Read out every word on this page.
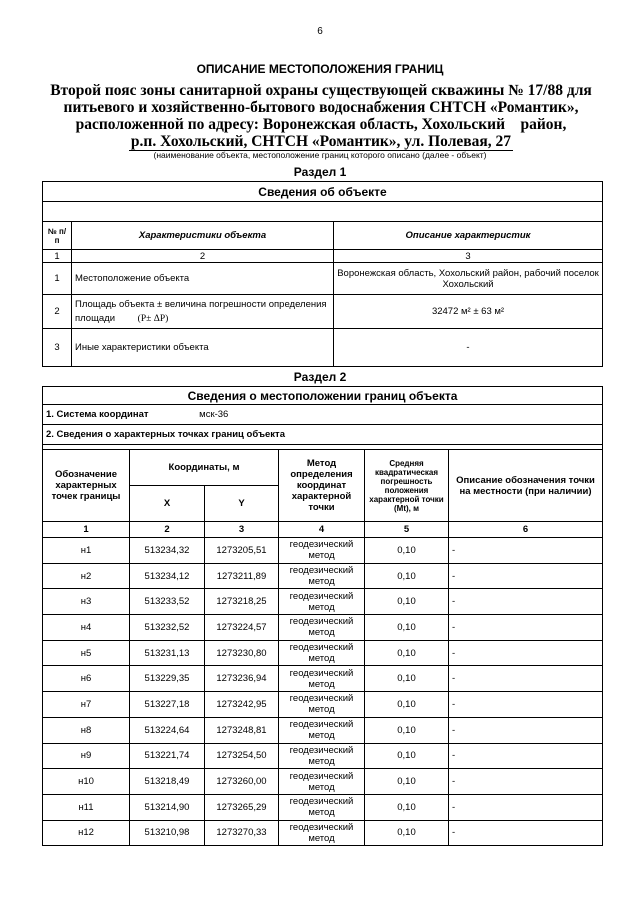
6
ОПИСАНИЕ МЕСТОПОЛОЖЕНИЯ ГРАНИЦ
Второй пояс зоны санитарной охраны существующей скважины № 17/88 для
питьевого и хозяйственно-бытового водоснабжения СНТСН «Романтик»,
расположенной по адресу: Воронежская область, Хохольский    район,
р.п. Хохольский, СНТСН «Романтик», ул. Полевая, 27
(наименование объекта, местоположение границ которого описано (далее - объект)
Раздел 1
Сведения об объекте		

№ п/п	Характеристики объекта	Описание характеристик
1	2	3
1	Местоположение объекта	Воронежская область, Хохольский район, рабочий поселок Хохольский
2	Площадь объекта ± величина погрешности определения площади (P± ΔP)	32472 м² ± 63 м²
3	Иные характеристики объекта	-
Раздел 2
Сведения о местоположении границ объекта					
1. Система координат мск-36					
2. Сведения о характерных точках границ объекта					

Обозначение характерных точек границы	Координаты, м		Метод определения координат характерной точки	Средняя квадратическая погрешность положения характерной точки (Mt), м	Описание обозначения точки на местности (при наличии)
	X	Y			
1	2	3	4	5	6
н1	513234,32	1273205,51	геодезический метод	0,10	-
н2	513234,12	1273211,89	геодезический метод	0,10	-
н3	513233,52	1273218,25	геодезический метод	0,10	-
н4	513232,52	1273224,57	геодезический метод	0,10	-
н5	513231,13	1273230,80	геодезический метод	0,10	-
н6	513229,35	1273236,94	геодезический метод	0,10	-
н7	513227,18	1273242,95	геодезический метод	0,10	-
н8	513224,64	1273248,81	геодезический метод	0,10	-
н9	513221,74	1273254,50	геодезический метод	0,10	-
н10	513218,49	1273260,00	геодезический метод	0,10	-
н11	513214,90	1273265,29	геодезический метод	0,10	-
н12	513210,98	1273270,33	геодезический метод	0,10	-
